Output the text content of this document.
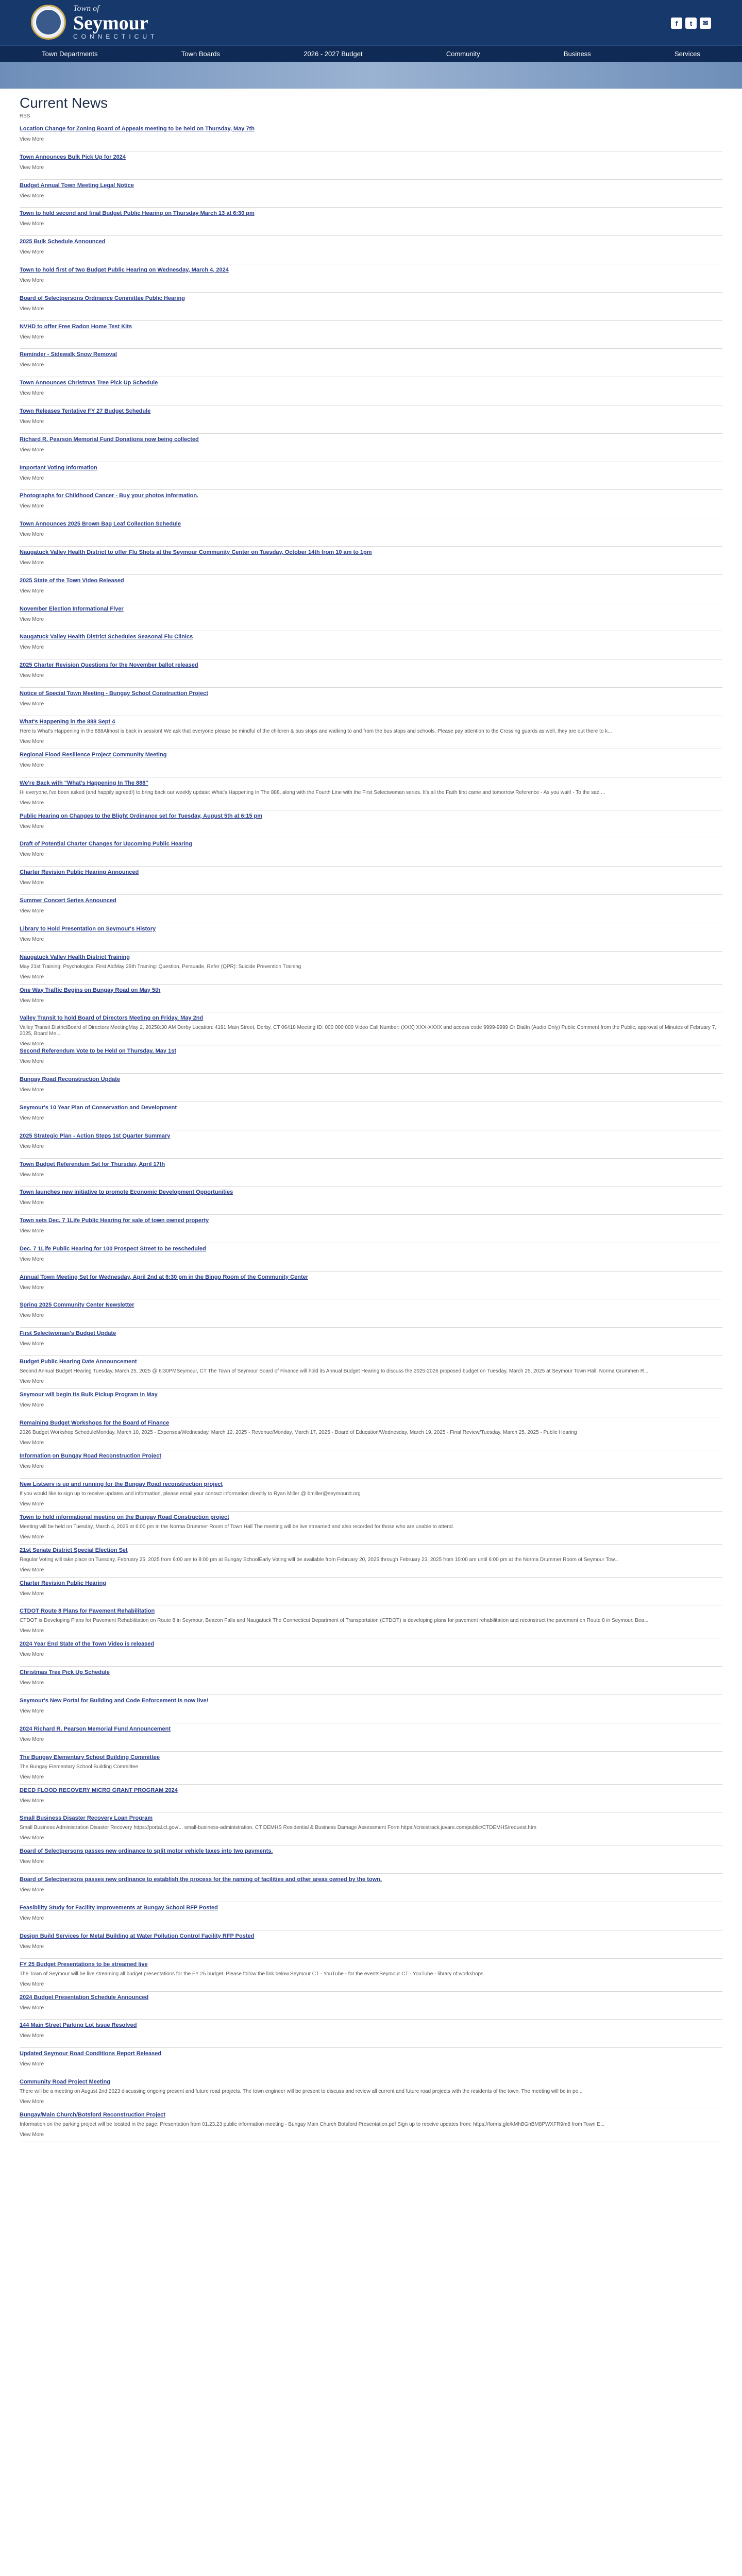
Town of
Seymour
CONNECTICUT
f	t	✉
Town Departments	Town Boards	2026 - 2027 Budget	Community	Business	Services
Current News
RSS
Location Change for Zoning Board of Appeals meeting to be held on Thursday, May 7th
View More
Town Announces Bulk Pick Up for 2024
View More
Budget Annual Town Meeting Legal Notice
View More
Town to hold second and final Budget Public Hearing on Thursday March 13 at 6:30 pm
View More
2025 Bulk Schedule Announced
View More
Town to hold first of two Budget Public Hearing on Wednesday, March 4, 2024
View More
Board of Selectpersons Ordinance Committee Public Hearing
View More
NVHD to offer Free Radon Home Test Kits
View More
Reminder - Sidewalk Snow Removal
View More
Town Announces Christmas Tree Pick Up Schedule
View More
Town Releases Tentative FY 27 Budget Schedule
View More
Richard R. Pearson Memorial Fund Donations now being collected
View More
Important Voting Information
View More
Photographs for Childhood Cancer - Buy your photos information.
View More
Town Announces 2025 Brown Bag Leaf Collection Schedule
View More
Naugatuck Valley Health District to offer Flu Shots at the Seymour Community Center on Tuesday, October 14th from 10 am to 1pm
View More
2025 State of the Town Video Released
View More
November Election Informational Flyer
View More
Naugatuck Valley Health District Schedules Seasonal Flu Clinics
View More
2025 Charter Revision Questions for the November ballot released
View More
Notice of Special Town Meeting - Bungay School Construction Project
View More
What's Happening in the 888 Sept 4
Here is What's Happening in the 888Almost is back in session! We ask that everyone please be mindful of the children & bus stops and walking to and from the bus stops and schools. Please pay attention to the Crossing guards as well, they are out there to k...
View More
Regional Flood Resilience Project Community Meeting
View More
We're Back with "What's Happening In The 888"
Hi everyone,I've been asked (and happily agreed!) to bring back our weekly update: What's Happening In The 888, along with the Fourth Line with the First Selectwoman series. It's all the Faith first came and tomorrow Reference - As you wait! - To the sad ...
View More
Public Hearing on Changes to the Blight Ordinance set for Tuesday, August 5th at 6:15 pm
View More
Draft of Potential Charter Changes for Upcoming Public Hearing
View More
Charter Revision Public Hearing Announced
View More
Summer Concert Series Announced
View More
Library to Hold Presentation on Seymour's History
View More
Naugatuck Valley Health District Training
May 21st Training: Psychological First AidMay 29th Training: Question, Persuade, Refer (QPR): Suicide Prevention Training
View More
One Way Traffic Begins on Bungay Road on May 5th
View More
Valley Transit to hold Board of Directors Meeting on Friday, May 2nd
Valley Transit DistrictBoard of Directors MeetingMay 2, 20258:30 AM Derby Location: 4191 Main Street, Derby, CT 06418 Meeting ID: 000 000 000 Video Call Number: (XXX) XXX-XXXX and access code 9999-9999 Or DialIn (Audio Only) Public Comment from the Public, approval of Minutes of February 7, 2025, Board Me...
View More
Second Referendum Vote to be Held on Thursday, May 1st
View More
Bungay Road Reconstruction Update
View More
Seymour's 10 Year Plan of Conservation and Development
View More
2025 Strategic Plan - Action Steps 1st Quarter Summary
View More
Town Budget Referendum Set for Thursday, April 17th
View More
Town launches new initiative to promote Economic Development Opportunities
View More
Town sets Dec. 7 1Life Public Hearing for sale of town owned property
View More
Dec. 7 1Life Public Hearing for 100 Prospect Street to be rescheduled
View More
Annual Town Meeting Set for Wednesday, April 2nd at 6:30 pm in the Bingo Room of the Community Center
View More
Spring 2025 Community Center Newsletter
View More
First Selectwoman's Budget Update
View More
Budget Public Hearing Date Announcement
Second Annual Budget Hearing Tuesday, March 25, 2025 @ 6:30PMSeymour, CT The Town of Seymour Board of Finance will hold its Annual Budget Hearing to discuss the 2025-2026 proposed budget on Tuesday, March 25, 2025 at Seymour Town Hall, Norma Grummen R...
View More
Seymour will begin its Bulk Pickup Program in May
View More
Remaining Budget Workshops for the Board of Finance
2026 Budget Workshop ScheduleMonday, March 10, 2025 - Expenses/Wednesday, March 12, 2025 - Revenue/Monday, March 17, 2025 - Board of Education/Wednesday, March 19, 2025 - Final Review/Tuesday, March 25, 2025 - Public Hearing
View More
Information on Bungay Road Reconstruction Project
View More
New Listserv is up and running for the Bungay Road reconstruction project
If you would like to sign up to receive updates and information, please email your contact information directly to Ryan Miller @ bmiller@seymourct.org
View More
Town to hold informational meeting on the Bungay Road Construction project
Meeting will be held on Tuesday, March 4, 2025 at 6:00 pm in the Norma Drummer Room of Town Hall The meeting will be live streamed and also recorded for those who are unable to attend.
View More
21st Senate District Special Election Set
Regular Voting will take place on Tuesday, February 25, 2025 from 6:00 am to 8:00 pm at Bungay SchoolEarly Voting will be available from February 20, 2025 through February 23, 2025 from 10:00 am until 6:00 pm at the Norma Drummer Room of Seymour Tow...
View More
Charter Revision Public Hearing
View More
CTDOT Route 8 Plans for Pavement Rehabilitation
CTDOT is Developing Plans for Pavement Rehabilitation on Route 8 in Seymour, Beacon Falls and Naugatuck The Connecticut Department of Transportation (CTDOT) is developing plans for pavement rehabilitation and reconstruct the pavement on Route 8 in Seymour, Bea...
View More
2024 Year End State of the Town Video is released
View More
Christmas Tree Pick Up Schedule
View More
Seymour's New Portal for Building and Code Enforcement is now live!
View More
2024 Richard R. Pearson Memorial Fund Announcement
View More
The Bungay Elementary School Building Committee
The Bungay Elementary School Building Committee
View More
DECD FLOOD RECOVERY MICRO GRANT PROGRAM 2024
View More
Small Business Disaster Recovery Loan Program
Small Business Administration Disaster Recovery https://portal.ct.gov/... small-business-administration. CT DEMHS Residential & Business Damage Assessment Form https://crisistrack.juvare.com/public/CTDEMHS/request.htm
View More
Board of Selectpersons passes new ordinance to split motor vehicle taxes into two payments.
View More
Board of Selectpersons passes new ordinance to establish the process for the naming of facilities and other areas owned by the town.
View More
Feasibility Study for Facility Improvements at Bungay School RFP Posted
View More
Design Build Services for Metal Building at Water Pollution Control Facility RFP Posted
View More
FY 25 Budget Presentations to be streamed live
The Town of Seymour will be live streaming all budget presentations for the FY 25 budget. Please follow the link below.Seymour CT - YouTube - for the eventsSeymour CT - YouTube - library of workshops
View More
2024 Budget Presentation Schedule Announced
View More
144 Main Street Parking Lot Issue Resolved
View More
Updated Seymour Road Conditions Report Released
View More
Community Road Project Meeting
There will be a meeting on August 2nd 2023 discussing ongoing present and future road projects. The town engineer will be present to discuss and review all current and future road projects with the residents of the town. The meeting will be in pe...
View More
Bungay/Main Church/Botsford Reconstruction Project
Information on the parking project will be located in the page: Presentation from 01.23.23 public information meeting - Bungay Main Church Botsford Presentation.pdf Sign up to receive updates from: https://forms.gle/kMhBGnBM8PWXFR9m8 from Town E...
View More
